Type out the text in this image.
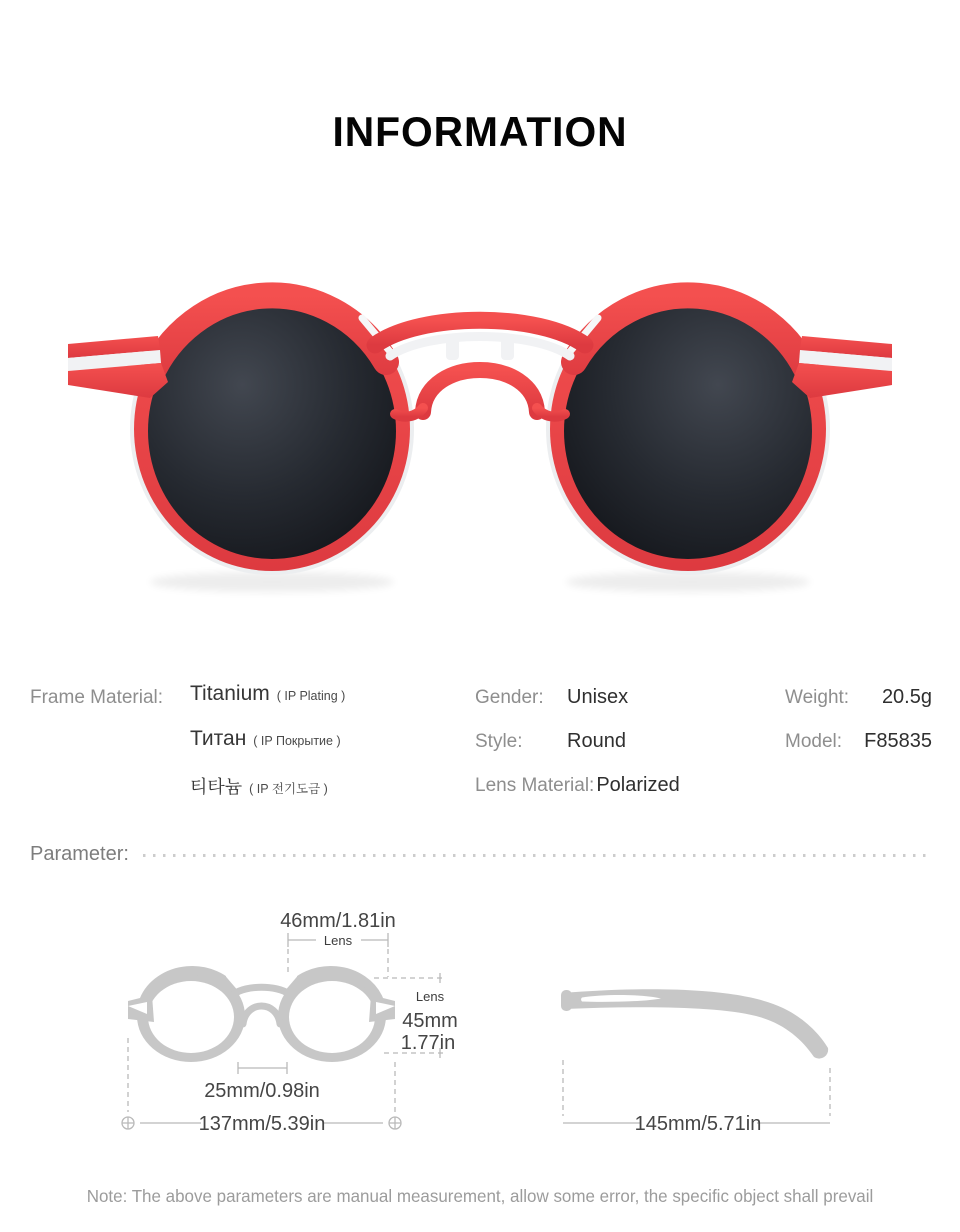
INFORMATION
Frame Material: Titanium ( IP Plating )
Титан ( IP Покрытие )
티타늄 ( IP 전기도금 )
Gender:	Unisex
Style:	Round
Lens Material: Polarized
Weight: 20.5g
Model: F85835
Parameter:
46mm/1.81in
Lens
Lens
45mm
1.77in
25mm/0.98in
137mm/5.39in	145mm/5.71in
Note: The above parameters are manual measurement, allow some error, the specific object shall prevail
